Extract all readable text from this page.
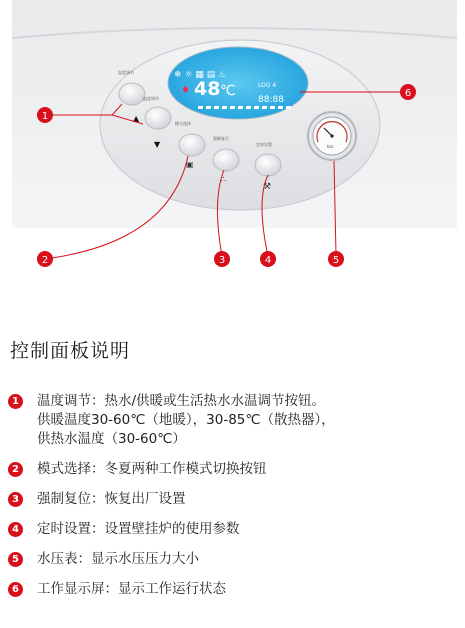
❄ ☼ ▦ ▤ ♨
48 ℃	LOG 4
88:88
♦
温度调节
温度调节
▲
▼
模式选择
▣
强制复位
∴
定时设置
⚒
bar
1
2	3	4	5
6
控制面板说明
1 温度调节：热水/供暖或生活热水水温调节按钮。
供暖温度30-60℃（地暖），30-85℃（散热器），
供热水温度（30-60℃）
2 模式选择：冬夏两种工作模式切换按钮
3 强制复位：恢复出厂设置
4 定时设置：设置壁挂炉的使用参数
5 水压表：显示水压压力大小
6 工作显示屏：显示工作运行状态
